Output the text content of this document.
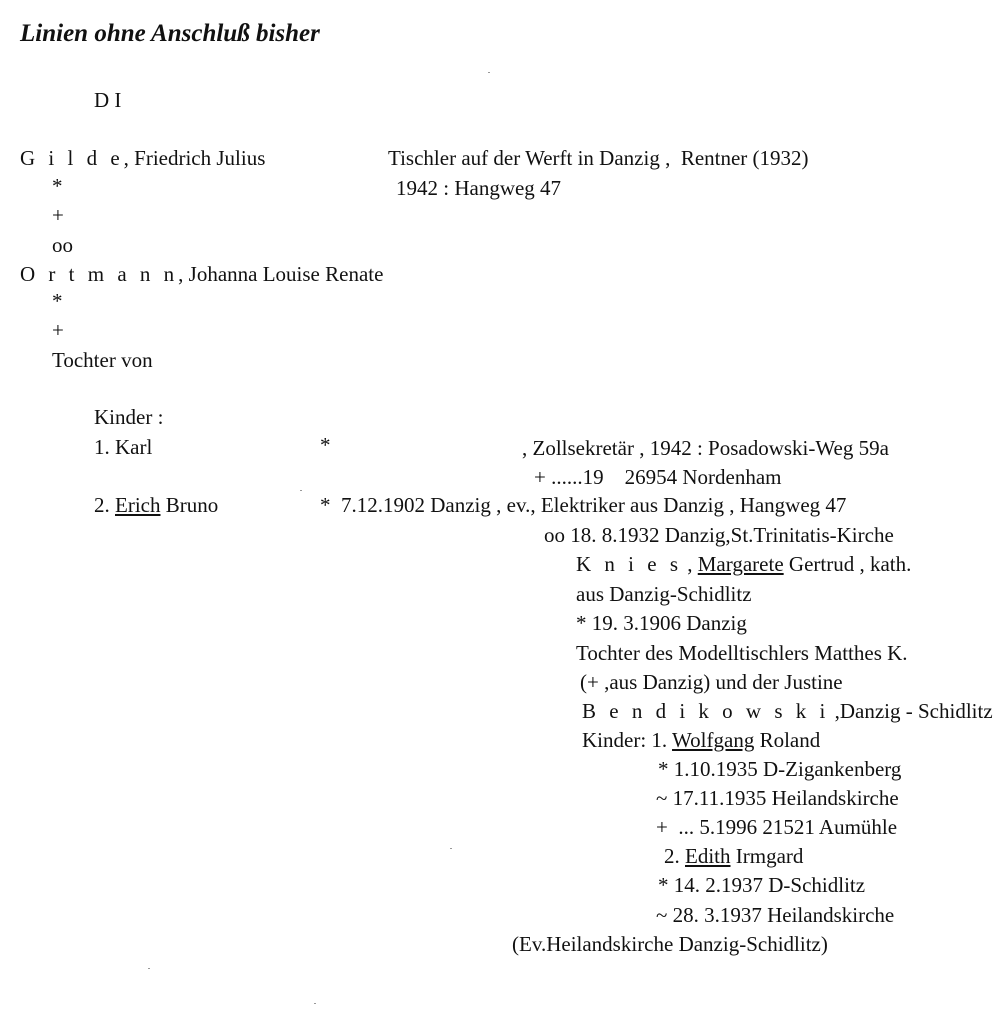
Linien ohne Anschluß bisher
D I
G i l d e, Friedrich Julius	Tischler auf der Werft in Danzig ,  Rentner (1932)
*	1942 : Hangweg 47
+
oo
O r t m a n n, Johanna Louise Renate
*
+
Tochter von
Kinder :
1. Karl	*	, Zollsekretär , 1942 : Posadowski-Weg 59a
+ ......19    26954 Nordenham
2. Erich Bruno	*  7.12.1902 Danzig , ev., Elektriker aus Danzig , Hangweg 47
oo 18. 8.1932 Danzig,St.Trinitatis-Kirche
K n i e s , Margarete Gertrud , kath.
aus Danzig-Schidlitz
* 19. 3.1906 Danzig
Tochter des Modelltischlers Matthes K.
(+ ,aus Danzig) und der Justine
B e n d i k o w s k i ,Danzig - Schidlitz
Kinder: 1. Wolfgang Roland
* 1.10.1935 D-Zigankenberg
~ 17.11.1935 Heilandskirche
+  ... 5.1996 21521 Aumühle
2. Edith Irmgard
* 14. 2.1937 D-Schidlitz
~ 28. 3.1937 Heilandskirche
(Ev.Heilandskirche Danzig-Schidlitz)
